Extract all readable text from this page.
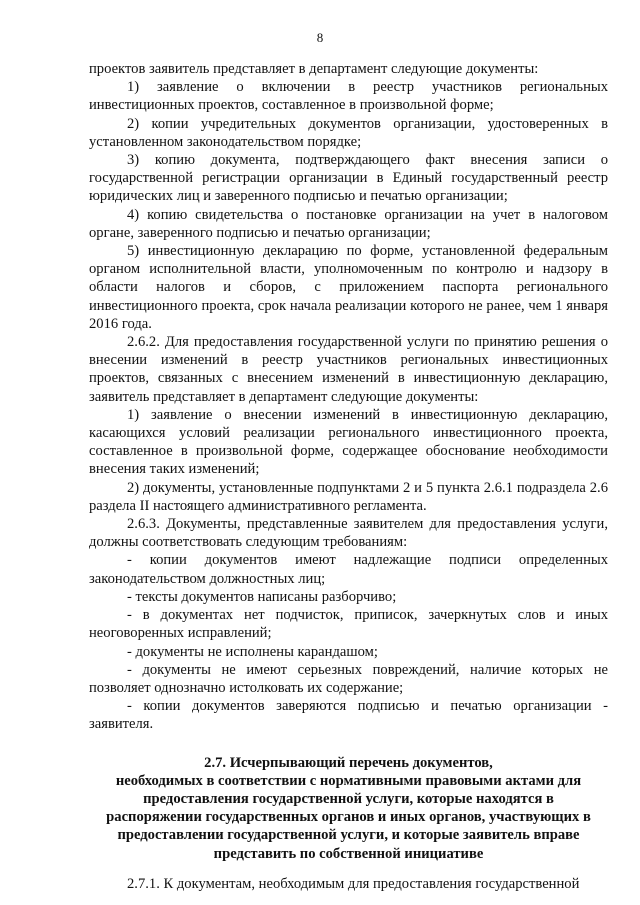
8

проектов заявитель представляет в департамент следующие документы:

1) заявление о включении в реестр участников региональных инвестиционных проектов, составленное в произвольной форме;

2) копии учредительных документов организации, удостоверенных в установленном законодательством порядке;

3) копию документа, подтверждающего факт внесения записи о государственной регистрации организации в Единый государственный реестр юридических лиц и заверенного подписью и печатью организации;

4) копию свидетельства о постановке организации на учет в налоговом органе, заверенного подписью и печатью организации;

5) инвестиционную декларацию по форме, установленной федеральным органом исполнительной власти, уполномоченным по контролю и надзору в области налогов и сборов, с приложением паспорта регионального инвестиционного проекта, срок начала реализации которого не ранее, чем 1 января 2016 года.

2.6.2. Для предоставления государственной услуги по принятию решения о внесении изменений в реестр участников региональных инвестиционных проектов, связанных с внесением изменений в инвестиционную декларацию, заявитель представляет в департамент следующие документы:

1) заявление о внесении изменений в инвестиционную декларацию, касающихся условий реализации регионального инвестиционного проекта, составленное в произвольной форме, содержащее обоснование необходимости внесения таких изменений;

2) документы, установленные подпунктами 2 и 5 пункта 2.6.1 подраздела 2.6 раздела II настоящего административного регламента.

2.6.3. Документы, представленные заявителем для предоставления услуги, должны соответствовать следующим требованиям:

- копии документов имеют надлежащие подписи определенных законодательством должностных лиц;

- тексты документов написаны разборчиво;

- в документах нет подчисток, приписок, зачеркнутых слов и иных неоговоренных исправлений;

- документы не исполнены карандашом;

- документы не имеют серьезных повреждений, наличие которых не позволяет однозначно истолковать их содержание;

- копии документов заверяются подписью и печатью организации - заявителя.

2.7. Исчерпывающий перечень документов,
необходимых в соответствии с нормативными правовыми актами для
предоставления государственной услуги, которые находятся в
распоряжении государственных органов и иных органов, участвующих в
предоставлении государственной услуги, и которые заявитель вправе
представить по собственной инициативе

2.7.1. К документам, необходимым для предоставления государственной
